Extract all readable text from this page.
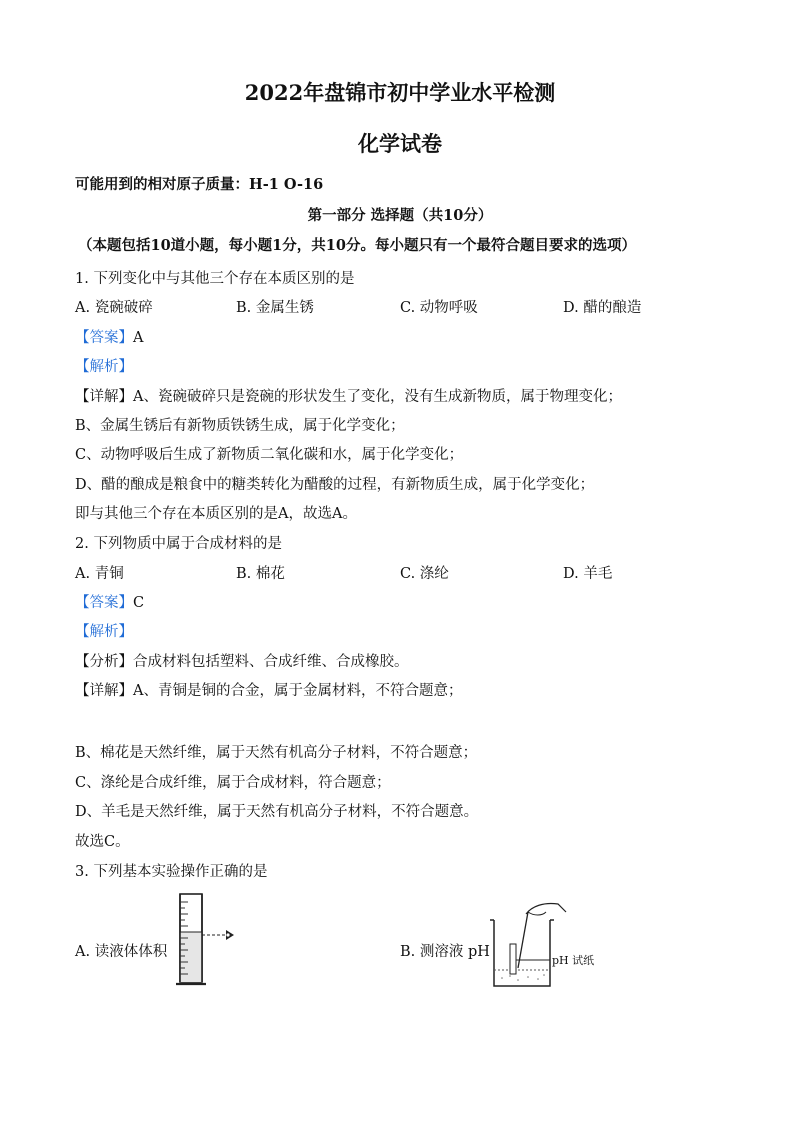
2022年盘锦市初中学业水平检测
化学试卷
可能用到的相对原子质量：H-1 O-16
第一部分 选择题（共10分）
（本题包括10道小题，每小题1分，共10分。每小题只有一个最符合题目要求的选项）
1. 下列变化中与其他三个存在本质区别的是
A. 瓷碗破碎	B. 金属生锈	C. 动物呼吸	D. 醋的酿造
【答案】A
【解析】
【详解】A、瓷碗破碎只是瓷碗的形状发生了变化，没有生成新物质，属于物理变化；
B、金属生锈后有新物质铁锈生成，属于化学变化；
C、动物呼吸后生成了新物质二氧化碳和水，属于化学变化；
D、醋的酿成是粮食中的糖类转化为醋酸的过程，有新物质生成，属于化学变化；
即与其他三个存在本质区别的是A，故选A。
2. 下列物质中属于合成材料的是
A. 青铜	B. 棉花	C. 涤纶	D. 羊毛
【答案】C
【解析】
【分析】合成材料包括塑料、合成纤维、合成橡胶。
【详解】A、青铜是铜的合金，属于金属材料，不符合题意；
B、棉花是天然纤维，属于天然有机高分子材料，不符合题意；
C、涤纶是合成纤维，属于合成材料，符合题意；
D、羊毛是天然纤维，属于天然有机高分子材料，不符合题意。
故选C。
3. 下列基本实验操作正确的是
A. 读液体体积	B. 测溶液 pH
pH 试纸
